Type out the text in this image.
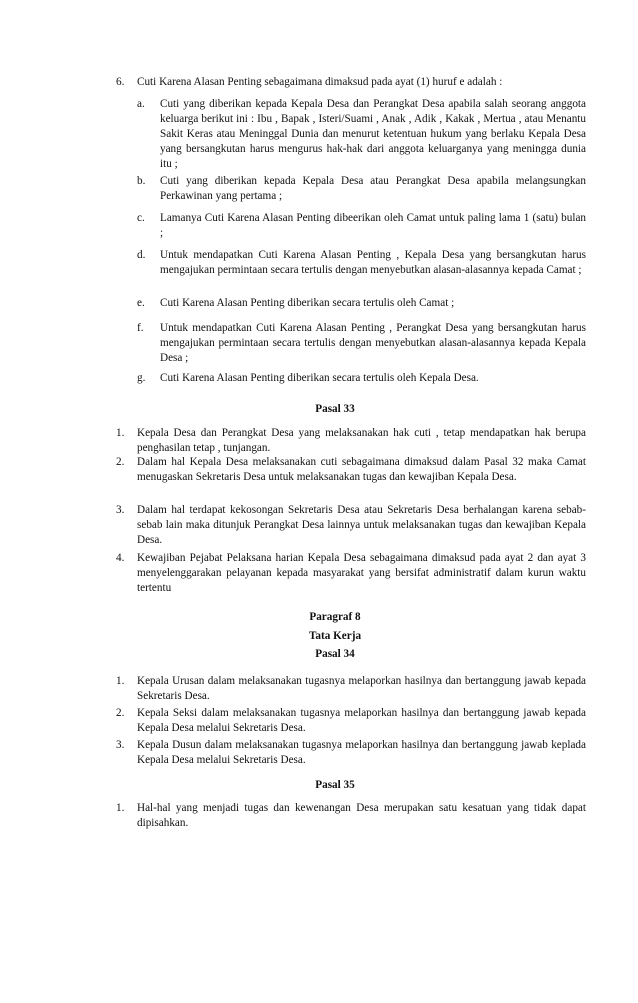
6. Cuti Karena Alasan Penting sebagaimana dimaksud pada ayat (1) huruf e adalah :
a. Cuti yang diberikan kepada Kepala Desa dan Perangkat Desa apabila salah seorang anggota keluarga berikut ini : Ibu , Bapak , Isteri/Suami , Anak , Adik , Kakak , Mertua , atau Menantu Sakit Keras atau Meninggal Dunia dan menurut ketentuan hukum yang berlaku Kepala Desa yang bersangkutan harus mengurus hak-hak dari anggota keluarganya yang meningga dunia itu ;
b. Cuti yang diberikan kepada Kepala Desa atau Perangkat Desa apabila melangsungkan Perkawinan yang pertama ;
c. Lamanya Cuti Karena Alasan Penting dibeerikan oleh Camat untuk paling lama 1 (satu) bulan ;
d. Untuk mendapatkan Cuti Karena Alasan Penting , Kepala Desa yang bersangkutan harus mengajukan permintaan secara tertulis dengan menyebutkan alasan-alasannya kepada Camat ;
e. Cuti Karena Alasan Penting diberikan secara tertulis oleh Camat ;
f. Untuk mendapatkan Cuti Karena Alasan Penting , Perangkat Desa yang bersangkutan harus mengajukan permintaan secara tertulis dengan menyebutkan alasan-alasannya kepada Kepala Desa ;
g. Cuti Karena Alasan Penting diberikan secara tertulis oleh Kepala Desa.
Pasal 33
1. Kepala Desa dan Perangkat Desa yang melaksanakan hak cuti , tetap mendapatkan hak berupa penghasilan tetap , tunjangan.
2. Dalam hal Kepala Desa melaksanakan cuti sebagaimana dimaksud dalam Pasal 32 maka Camat menugaskan Sekretaris Desa untuk melaksanakan tugas dan kewajiban Kepala Desa.
3. Dalam hal terdapat kekosongan Sekretaris Desa atau Sekretaris Desa berhalangan karena sebab-sebab lain maka ditunjuk Perangkat Desa lainnya untuk melaksanakan tugas dan kewajiban Kepala Desa.
4. Kewajiban Pejabat Pelaksana harian Kepala Desa sebagaimana dimaksud pada ayat 2 dan ayat 3 menyelenggarakan pelayanan kepada masyarakat yang bersifat administratif dalam kurun waktu tertentu
Paragraf 8
Tata Kerja
Pasal 34
1. Kepala Urusan dalam melaksanakan tugasnya melaporkan hasilnya dan bertanggung jawab kepada Sekretaris Desa.
2. Kepala Seksi dalam melaksanakan tugasnya melaporkan hasilnya dan bertanggung jawab kepada Kepala Desa melalui Sekretaris Desa.
3. Kepala Dusun dalam melaksanakan tugasnya melaporkan hasilnya dan bertanggung jawab keplada Kepala Desa melalui Sekretaris Desa.
Pasal 35
1. Hal-hal yang menjadi tugas dan kewenangan Desa merupakan satu kesatuan yang tidak dapat dipisahkan.
